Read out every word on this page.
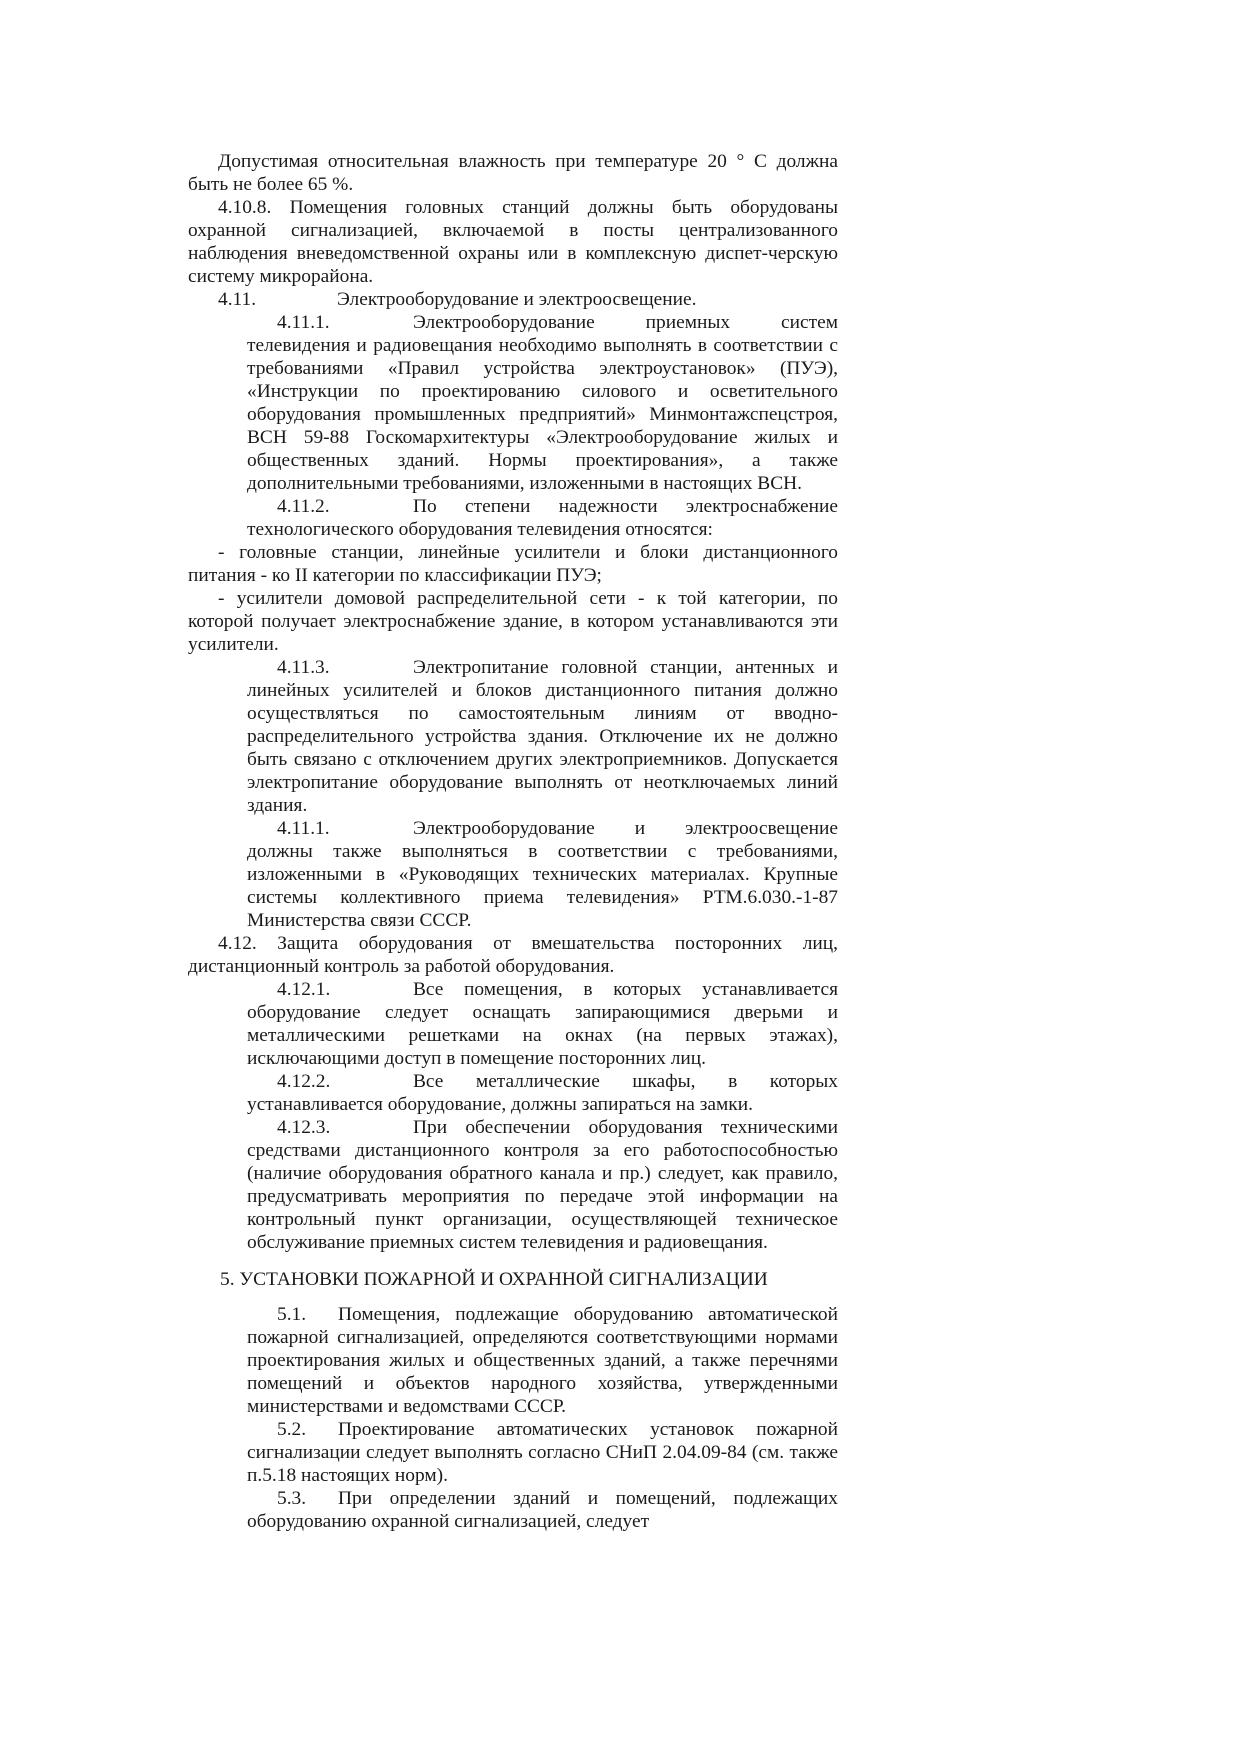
Допустимая относительная влажность при температуре 20 ° С должна быть не более 65 %.

4.10.8. Помещения головных станций должны быть оборудованы охранной сигнализацией, включаемой в посты централизованного наблюдения вневедомственной охраны или в комплексную диспет-черскую систему микрорайона.

4.11.	Электрооборудование и электроосвещение.

4.11.1.	Электрооборудование приемных систем телевидения и радиовещания необходимо выполнять в соответствии с требованиями «Правил устройства электроустановок» (ПУЭ), «Инструкции по проектированию силового и осветительного оборудования промышленных предприятий» Минмонтажспецстроя, ВСН 59-88 Госкомархитектуры «Электрооборудование жилых и общественных зданий. Нормы проектирования», а также дополнительными требованиями, изложенными в настоящих ВСН.

4.11.2.	По степени надежности электроснабжение технологического оборудования телевидения относятся:

- головные станции, линейные усилители и блоки дистанционного питания - ко II категории по классификации ПУЭ;

- усилители домовой распределительной сети - к той категории, по которой получает электроснабжение здание, в котором устанавливаются эти усилители.

4.11.3.	Электропитание головной станции, антенных и линейных усилителей и блоков дистанционного питания должно осуществляться по самостоятельным линиям от вводно-распределительного устройства здания. Отключение их не должно быть связано с отключением других электроприемников. Допускается электропитание оборудование выполнять от неотключаемых линий здания.

4.11.1.	Электрооборудование и электроосвещение должны также выполняться в соответствии с требованиями, изложенными в «Руководящих технических материалах. Крупные системы коллективного приема телевидения» РТМ.6.030.-1-87 Министерства связи СССР.

4.12. Защита оборудования от вмешательства посторонних лиц, дистанционный контроль за работой оборудования.

4.12.1.	Все помещения, в которых устанавливается оборудование следует оснащать запирающимися дверьми и металлическими решетками на окнах (на первых этажах), исключающими доступ в помещение посторонних лиц.

4.12.2.	Все металлические шкафы, в которых устанавливается оборудование, должны запираться на замки.

4.12.3.	При обеспечении оборудования техническими средствами дистанционного контроля за его работоспособностью (наличие оборудования обратного канала и пр.) следует, как правило, предусматривать мероприятия по передаче этой информации на контрольный пункт организации, осуществляющей техническое обслуживание приемных систем телевидения и радиовещания.

5. УСТАНОВКИ ПОЖАРНОЙ И ОХРАННОЙ СИГНАЛИЗАЦИИ

5.1. Помещения, подлежащие оборудованию автоматической пожарной сигнализацией, определяются соответствующими нормами проектирования жилых и общественных зданий, а также перечнями помещений и объектов народного хозяйства, утвержденными министерствами и ведомствами СССР.

5.2. Проектирование автоматических установок пожарной сигнализации следует выполнять согласно СНиП 2.04.09-84 (см. также п.5.18 настоящих норм).

5.3. При определении зданий и помещений, подлежащих оборудованию охранной сигнализацией, следует
